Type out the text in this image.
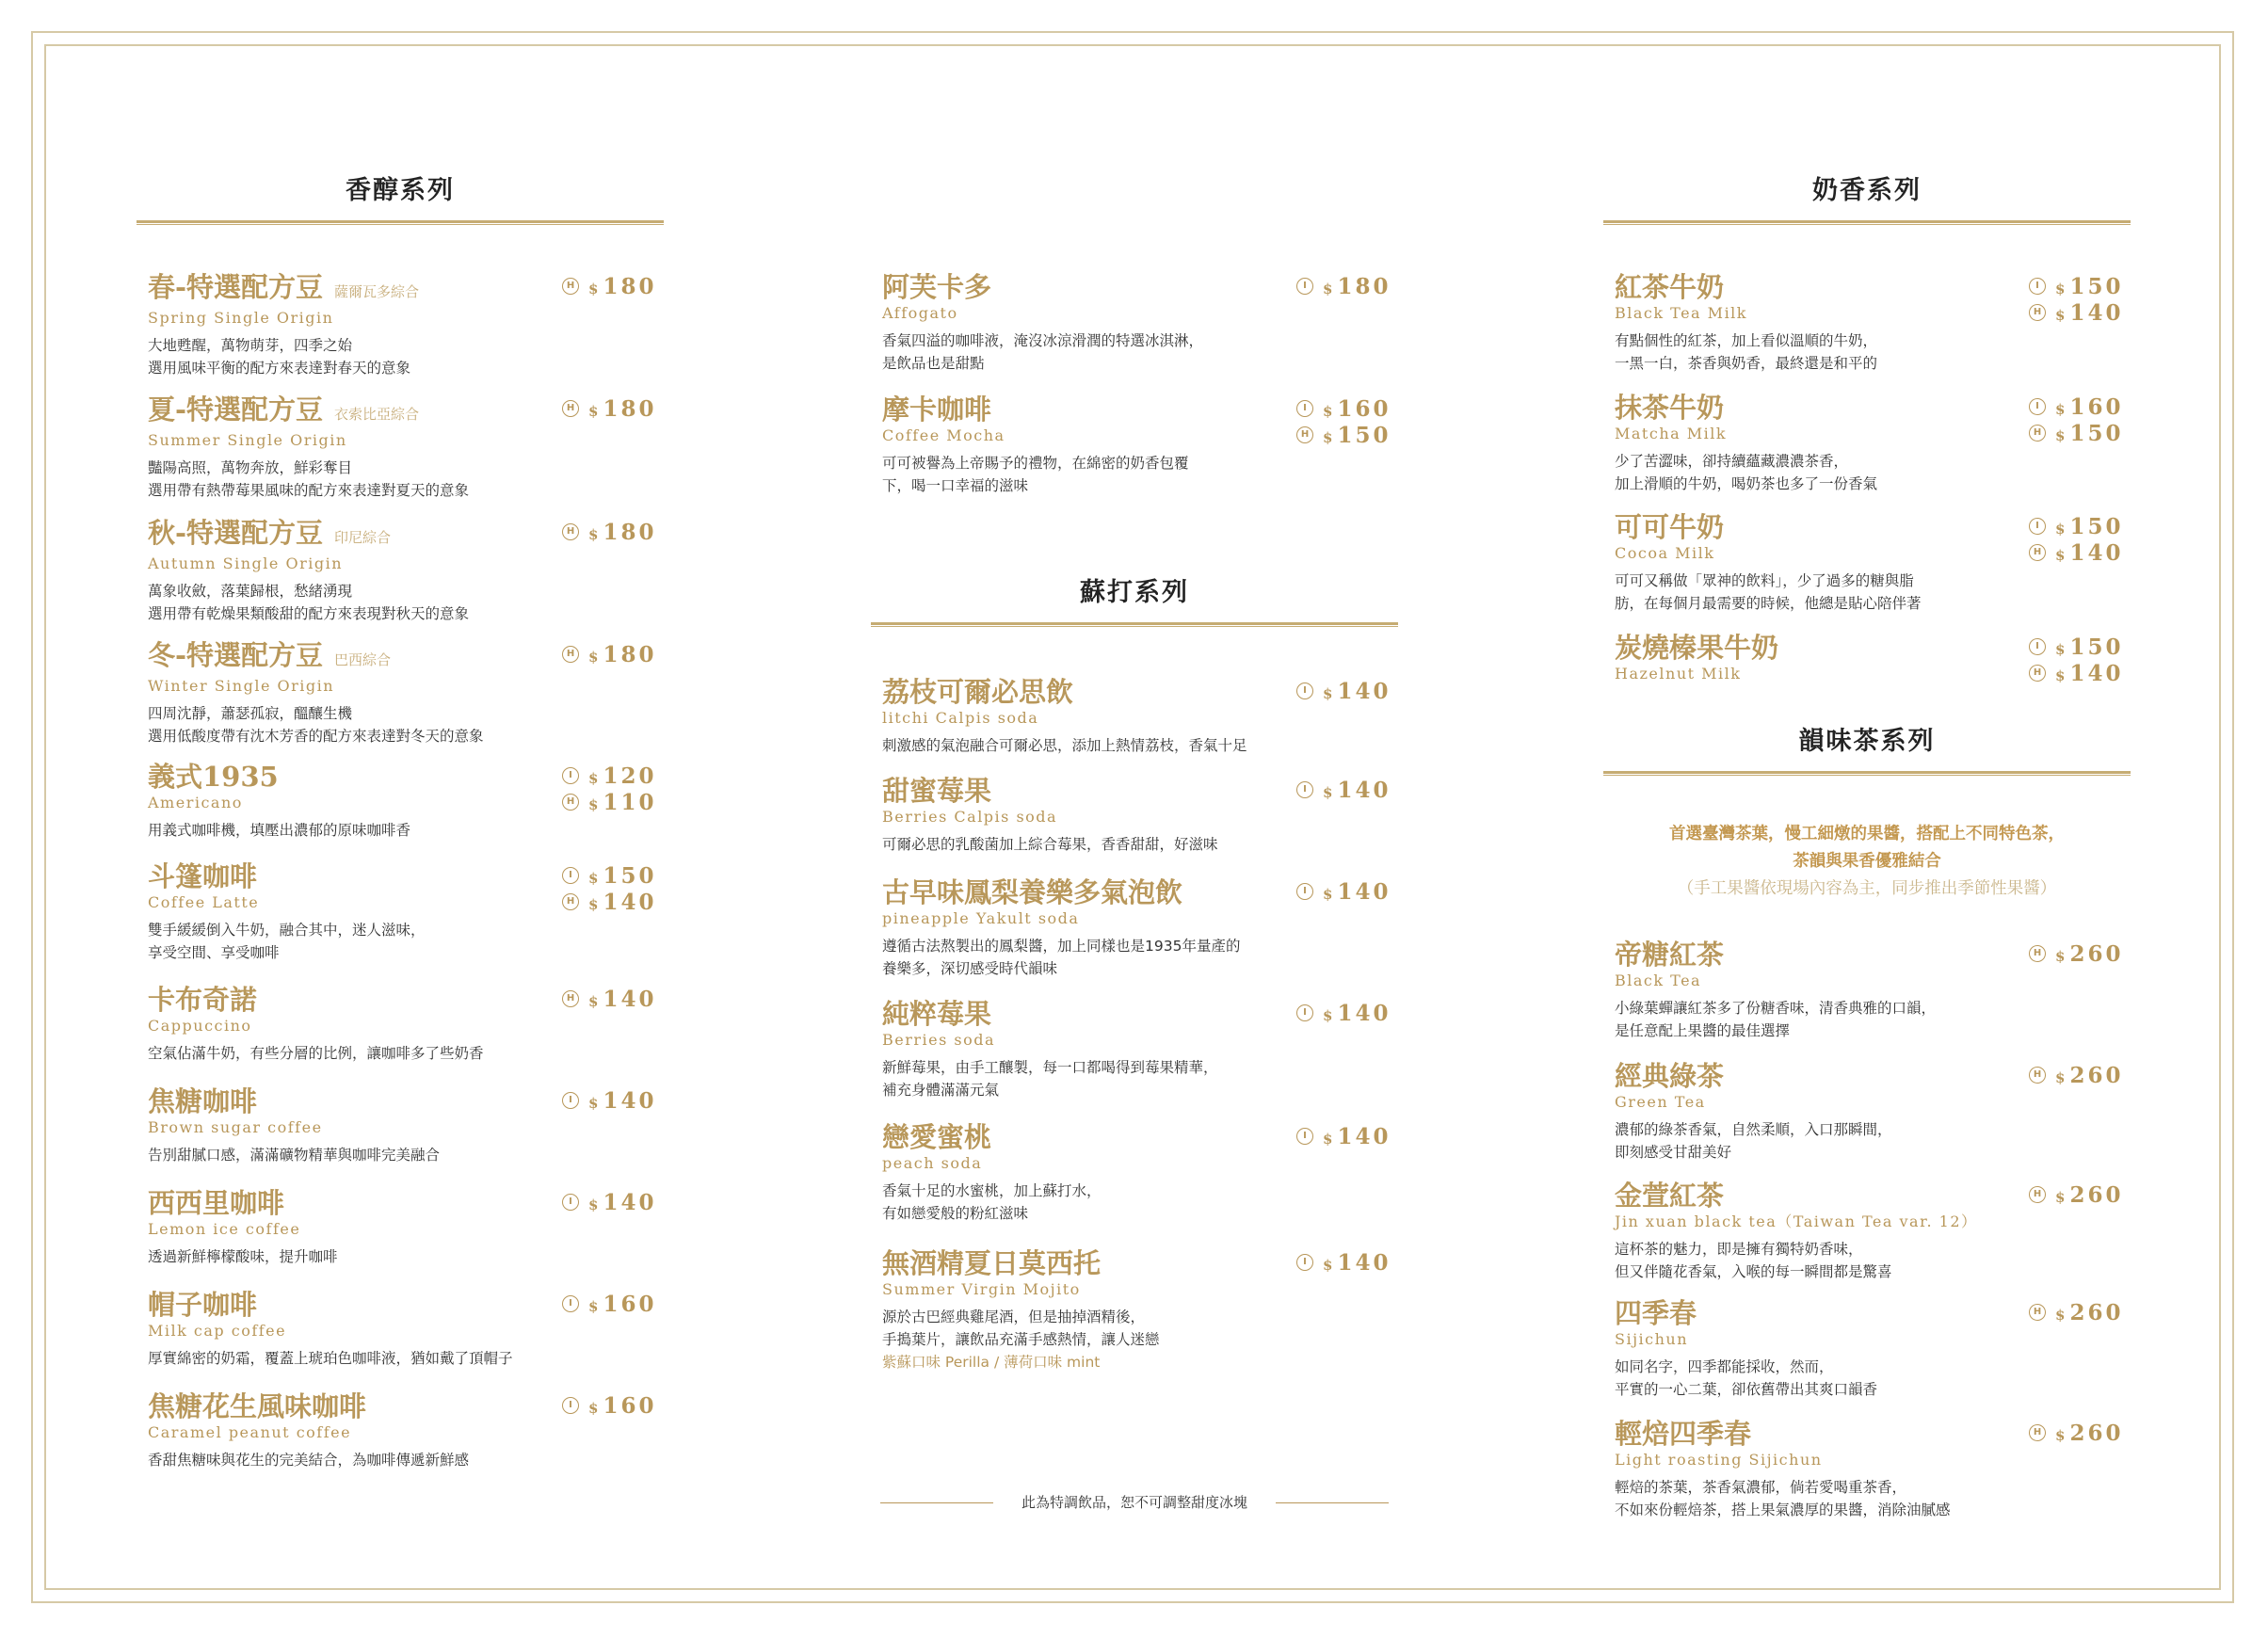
香醇系列
春-特選配方豆 薩爾瓦多綜合
Spring Single Origin
大地甦醒，萬物萌芽，四季之始
選用風味平衡的配方來表達對春天的意象
H $180
夏-特選配方豆 衣索比亞綜合
Summer Single Origin
豔陽高照，萬物奔放，鮮彩奪目
選用帶有熱帶莓果風味的配方來表達對夏天的意象
H $180
秋-特選配方豆 印尼綜合
Autumn Single Origin
萬象收斂，落葉歸根，愁緒湧現
選用帶有乾燥果類酸甜的配方來表現對秋天的意象
H $180
冬-特選配方豆 巴西綜合
Winter Single Origin
四周沈靜，蕭瑟孤寂，醞釀生機
選用低酸度帶有沈木芳香的配方來表達對冬天的意象
H $180
義式1935
Americano
用義式咖啡機，填壓出濃郁的原味咖啡香
I	$120
H $110
斗篷咖啡
Coffee Latte
雙手緩緩倒入牛奶，融合其中，迷人滋味，
享受空間、享受咖啡
I	$150
H $140
卡布奇諾
Cappuccino
空氣佔滿牛奶，有些分層的比例，讓咖啡多了些奶香
H $140
焦糖咖啡
Brown sugar coffee
告別甜膩口感，滿滿礦物精華與咖啡完美融合
I	$140
西西里咖啡
Lemon ice coffee
透過新鮮檸檬酸味，提升咖啡
I	$140
帽子咖啡
Milk cap coffee
厚實綿密的奶霜，覆蓋上琥珀色咖啡液，猶如戴了頂帽子
I	$160
焦糖花生風味咖啡
Caramel peanut coffee
香甜焦糖味與花生的完美結合，為咖啡傳遞新鮮感
I	$160
蘇打系列
此為特調飲品，恕不可調整甜度冰塊
阿芙卡多
Affogato
香氣四溢的咖啡液，淹沒冰涼滑潤的特選冰淇淋，
是飲品也是甜點
I	$180
摩卡咖啡
Coffee Mocha
可可被譽為上帝賜予的禮物，在綿密的奶香包覆
下，喝一口幸福的滋味
I	$160
H $150
荔枝可爾必思飲
litchi Calpis soda
刺激感的氣泡融合可爾必思，添加上熱情荔枝，香氣十足
I	$140
甜蜜莓果
Berries Calpis soda
可爾必思的乳酸菌加上綜合莓果，香香甜甜，好滋味
I	$140
古早味鳳梨養樂多氣泡飲
pineapple Yakult soda
遵循古法熬製出的鳳梨醬，加上同樣也是1935年量產的
養樂多，深切感受時代韻味
I	$140
純粹莓果
Berries soda
新鮮莓果，由手工釀製，每一口都喝得到莓果精華，
補充身體滿滿元氣
I	$140
戀愛蜜桃
peach soda
香氣十足的水蜜桃，加上蘇打水，
有如戀愛般的粉紅滋味
I	$140
無酒精夏日莫西托
Summer Virgin Mojito
源於古巴經典雞尾酒，但是抽掉酒精後，
手搗葉片，讓飲品充滿手感熱情，讓人迷戀
紫蘇口味 Perilla / 薄荷口味 mint
I	$140
奶香系列
韻味茶系列
首選臺灣茶葉，慢工細燉的果醬，搭配上不同特色茶，
茶韻與果香優雅結合
（手工果醬依現場內容為主，同步推出季節性果醬）
紅茶牛奶
Black Tea Milk
有點個性的紅茶，加上看似溫順的牛奶，
一黑一白，茶香與奶香，最終還是和平的
I	$150
H $140
抹茶牛奶
Matcha Milk
少了苦澀味，卻持續蘊藏濃濃茶香，
加上滑順的牛奶，喝奶茶也多了一份香氣
I	$160
H $150
可可牛奶
Cocoa Milk
可可又稱做「眾神的飲料」，少了過多的糖與脂
肪，在每個月最需要的時候，他總是貼心陪伴著
I	$150
H $140
炭燒榛果牛奶
Hazelnut Milk
I	$150
H $140
帝糖紅茶
Black Tea
小綠葉蟬讓紅茶多了份糖香味，清香典雅的口韻，
是任意配上果醬的最佳選擇
H $260
經典綠茶
Green Tea
濃郁的綠茶香氣，自然柔順，入口那瞬間，
即刻感受甘甜美好
H $260
金萱紅茶
Jin xuan black tea（Taiwan Tea var. 12）
這杯茶的魅力，即是擁有獨特奶香味，
但又伴隨花香氣，入喉的每一瞬間都是驚喜
H $260
四季春
Sijichun
如同名字，四季都能採收，然而，
平實的一心二葉，卻依舊帶出其爽口韻香
H $260
輕焙四季春
Light roasting Sijichun
輕焙的茶葉，茶香氣濃郁，倘若愛喝重茶香，
不如來份輕焙茶，搭上果氣濃厚的果醬，消除油膩感
H $260
